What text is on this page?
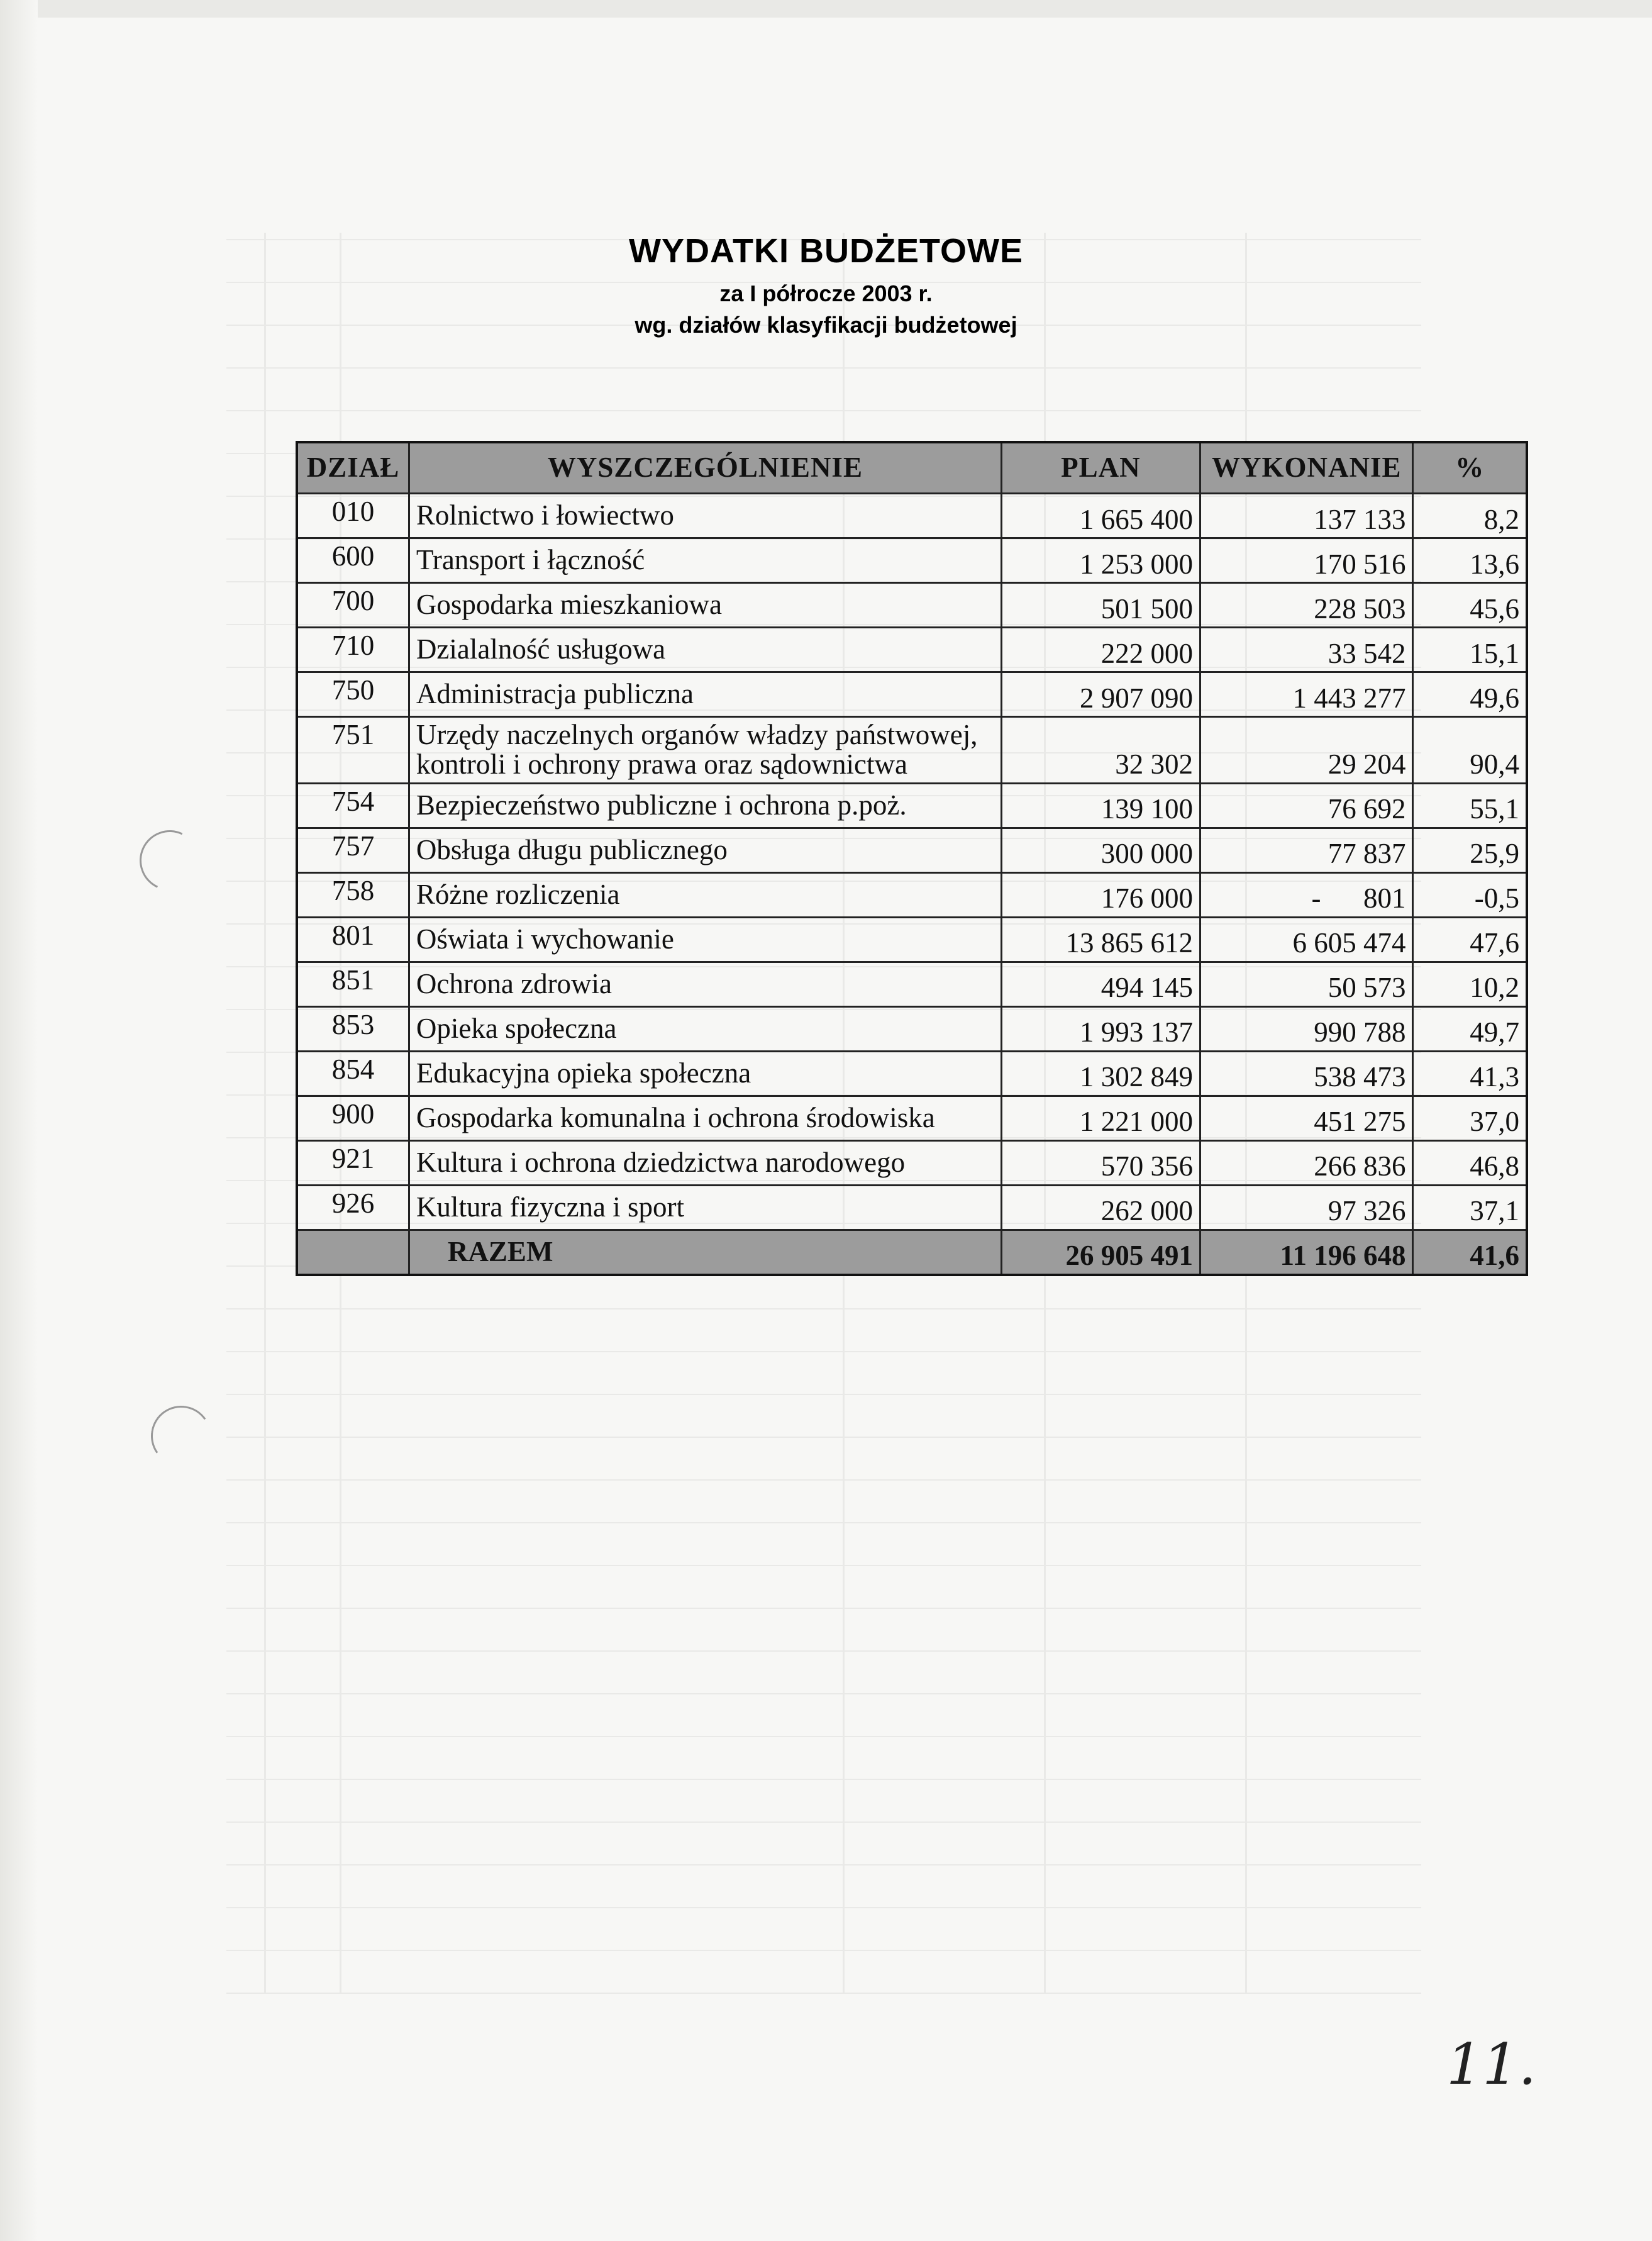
WYDATKI BUDŻETOWE
za I półrocze 2003 r.
wg. działów klasyfikacji budżetowej
DZIAŁ	WYSZCZEGÓLNIENIE	PLAN	WYKONANIE	%
010	Rolnictwo i łowiectwo	1 665 400	137 133	8,2
600	Transport i łączność	1 253 000	170 516	13,6
700	Gospodarka mieszkaniowa	501 500	228 503	45,6
710	Dzialalność usługowa	222 000	33 542	15,1
750	Administracja publiczna	2 907 090	1 443 277	49,6
751	Urzędy naczelnych organów władzy państwowej, kontroli i ochrony prawa oraz sądownictwa	32 302	29 204	90,4
754	Bezpieczeństwo publiczne i ochrona p.poż.	139 100	76 692	55,1
757	Obsługa długu publicznego	300 000	77 837	25,9
758	Różne rozliczenia	176 000	-      801	-0,5
801	Oświata i wychowanie	13 865 612	6 605 474	47,6
851	Ochrona zdrowia	494 145	50 573	10,2
853	Opieka społeczna	1 993 137	990 788	49,7
854	Edukacyjna opieka społeczna	1 302 849	538 473	41,3
900	Gospodarka komunalna i ochrona środowiska	1 221 000	451 275	37,0
921	Kultura i ochrona dziedzictwa narodowego	570 356	266 836	46,8
926	Kultura fizyczna i sport	262 000	97 326	37,1
	RAZEM	26 905 491	11 196 648	41,6
11.
